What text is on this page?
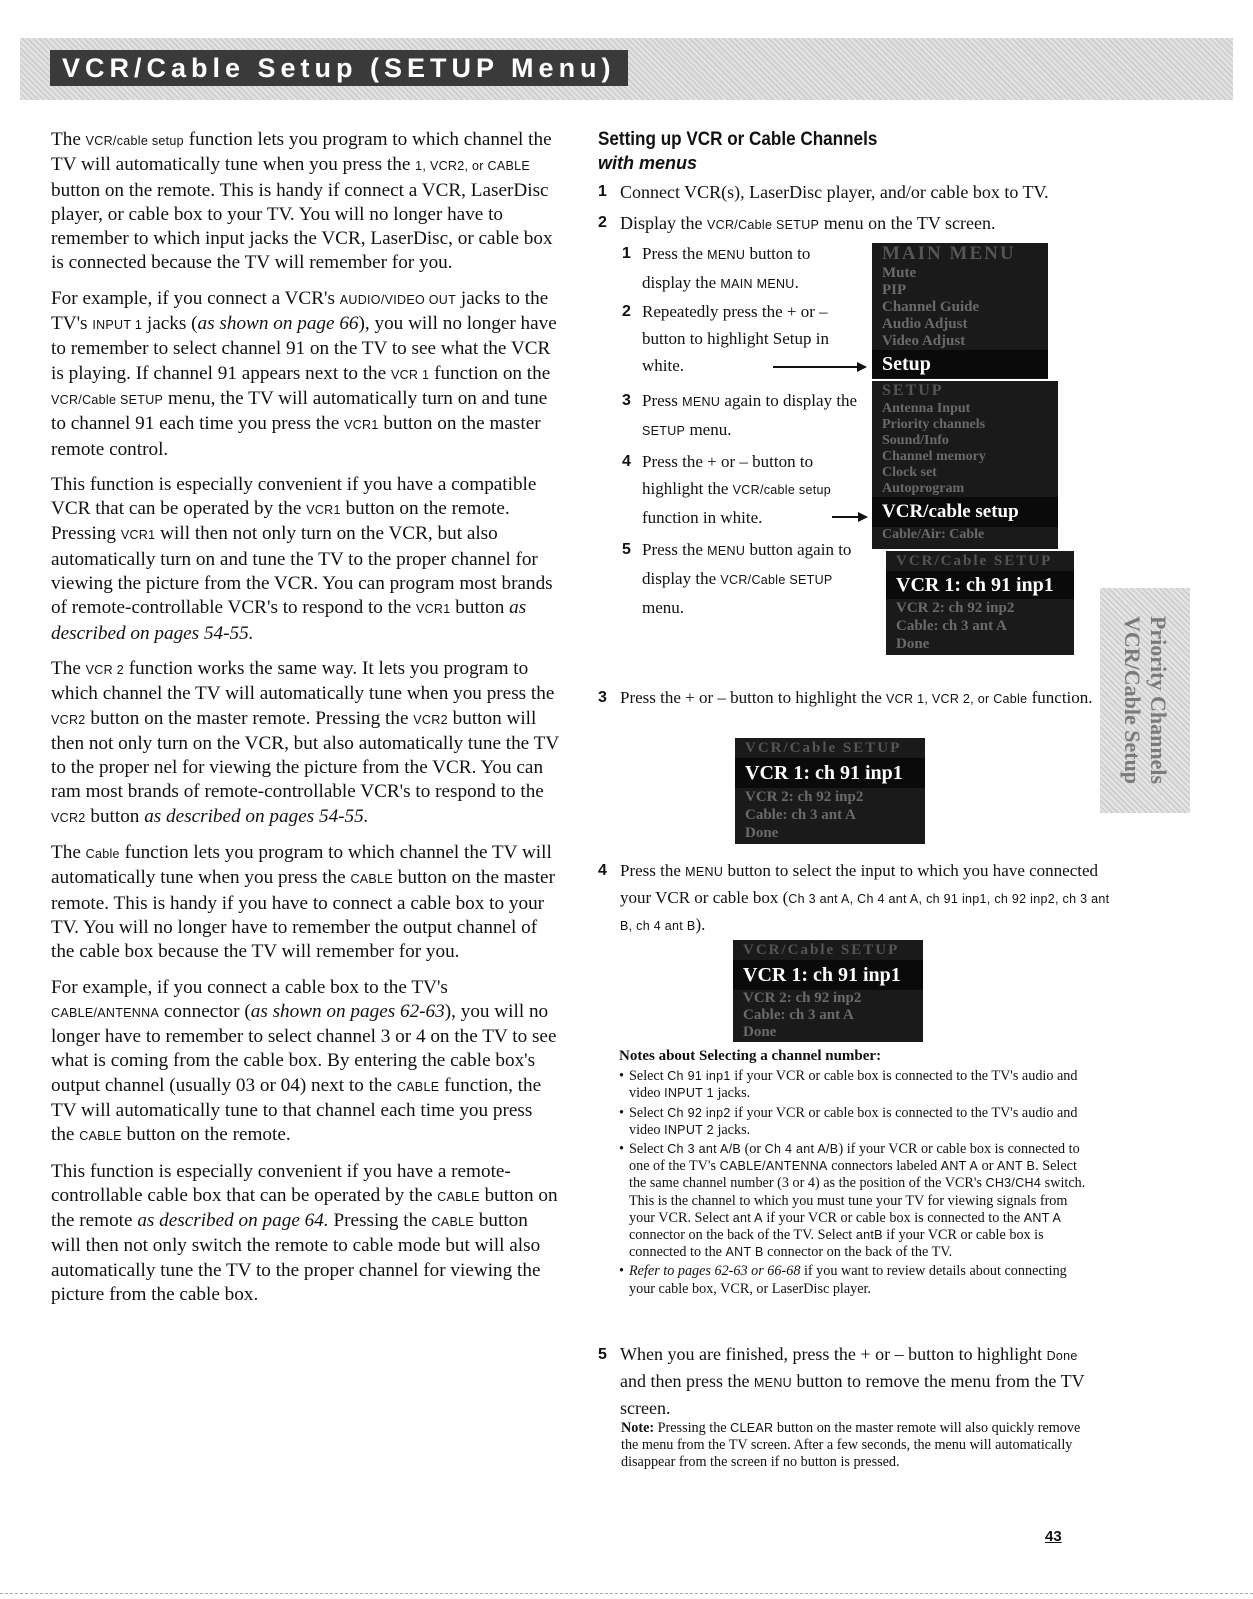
VCR/Cable Setup (SETUP Menu)

The VCR/cable setup function lets you program to which channel the TV will automatically tune when you press the 1, VCR2, or CABLE button on the remote. This is handy if connect a VCR, LaserDisc player, or cable box to your TV. You will no longer have to remember to which input jacks the VCR, LaserDisc, or cable box is connected because the TV will remember for you.

For example, if you connect a VCR's AUDIO/VIDEO OUT jacks to the TV's INPUT 1 jacks (as shown on page 66), you will no longer have to remember to select channel 91 on the TV to see what the VCR is playing. If channel 91 appears next to the VCR 1 function on the VCR/Cable SETUP menu, the TV will automatically turn on and tune to channel 91 each time you press the VCR1 button on the master remote control.

This function is especially convenient if you have a compatible VCR that can be operated by the VCR1 button on the remote. Pressing VCR1 will then not only turn on the VCR, but also automatically turn on and tune the TV to the proper channel for viewing the picture from the VCR. You can program most brands of remote-controllable VCR's to respond to the VCR1 button as described on pages 54-55.

The VCR 2 function works the same way. It lets you program to which channel the TV will automatically tune when you press the VCR2 button on the master remote. Pressing the VCR2 button will then not only turn on the VCR, but also automatically tune the TV to the proper nel for viewing the picture from the VCR. You can ram most brands of remote-controllable VCR's to respond to the VCR2 button as described on pages 54-55.

The Cable function lets you program to which channel the TV will automatically tune when you press the CABLE button on the master remote. This is handy if you have to connect a cable box to your TV. You will no longer have to remember the output channel of the cable box because the TV will remember for you.

For example, if you connect a cable box to the TV's CABLE/ANTENNA connector (as shown on pages 62-63), you will no longer have to remember to select channel 3 or 4 on the TV to see what is coming from the cable box. By entering the cable box's output channel (usually 03 or 04) next to the CABLE function, the TV will automatically tune to that channel each time you press the CABLE button on the remote.

This function is especially convenient if you have a remote-controllable cable box that can be operated by the CABLE button on the remote as described on page 64. Pressing the CABLE button will then not only switch the remote to cable mode but will also automatically tune the TV to the proper channel for viewing the picture from the cable box.

Setting up VCR or Cable Channels
with menus
1 Connect VCR(s), LaserDisc player, and/or cable box to TV.
2 Display the VCR/Cable SETUP menu on the TV screen.
1 Press the MENU button to display the MAIN MENU.
2 Repeatedly press the + or – button to highlight Setup in white.
3 Press MENU again to display the SETUP menu.
4 Press the + or – button to highlight the VCR/cable setup function in white.
5 Press the MENU button again to display the VCR/Cable SETUP menu.
MAIN MENU
Mute
PIP
Channel Guide
Audio Adjust
Video Adjust
Setup
SETUP
Antenna Input
Priority channels
Sound/Info
Channel memory
Clock set
Autoprogram
VCR/cable setup
Cable/Air: Cable
VCR/Cable SETUP
VCR 1: ch 91 inp1
VCR 2: ch 92 inp2
Cable: ch 3 ant A
Done
3 Press the + or – button to highlight the VCR 1, VCR 2, or Cable function.
VCR/Cable SETUP
VCR 1: ch 91 inp1
VCR 2: ch 92 inp2
Cable: ch 3 ant A
Done
4 Press the MENU button to select the input to which you have connected your VCR or cable box (Ch 3 ant A, Ch 4 ant A, ch 91 inp1, ch 92 inp2, ch 3 ant B, ch 4 ant B).
VCR/Cable SETUP
VCR 1: ch 91 inp1
VCR 2: ch 92 inp2
Cable: ch 3 ant A
Done
Notes about Selecting a channel number:
• Select Ch 91 inp1 if your VCR or cable box is connected to the TV's audio and video INPUT 1 jacks.
• Select Ch 92 inp2 if your VCR or cable box is connected to the TV's audio and video INPUT 2 jacks.
• Select Ch 3 ant A/B (or Ch 4 ant A/B) if your VCR or cable box is connected to one of the TV's CABLE/ANTENNA connectors labeled ANT A or ANT B. Select the same channel number (3 or 4) as the position of the VCR's CH3/CH4 switch. This is the channel to which you must tune your TV for viewing signals from your VCR. Select ant A if your VCR or cable box is connected to the ANT A connector on the back of the TV. Select antB if your VCR or cable box is connected to the ANT B connector on the back of the TV.
• Refer to pages 62-63 or 66-68 if you want to review details about connecting your cable box, VCR, or LaserDisc player.
5 When you are finished, press the + or – button to highlight Done and then press the MENU button to remove the menu from the TV screen.
Note: Pressing the CLEAR button on the master remote will also quickly remove the menu from the TV screen. After a few seconds, the menu will automatically disappear from the screen if no button is pressed.
Priority Channels
VCR/Cable Setup
43
